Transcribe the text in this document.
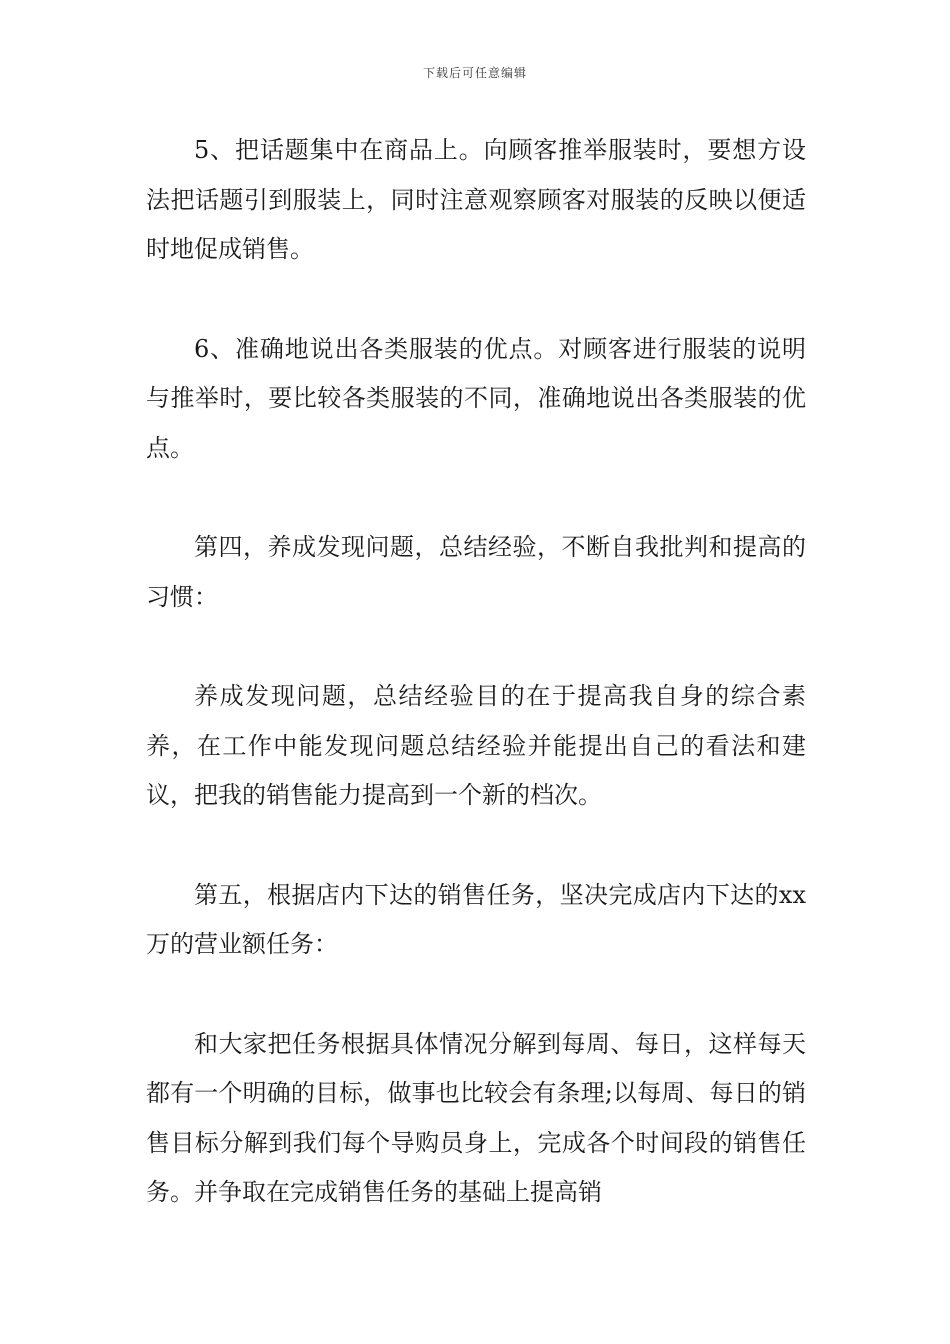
下载后可任意编辑

5、把话题集中在商品上。向顾客推举服装时，要想方设法把话题引到服装上，同时注意观察顾客对服装的反映以便适时地促成销售。

6、准确地说出各类服装的优点。对顾客进行服装的说明与推举时，要比较各类服装的不同，准确地说出各类服装的优点。

第四，养成发现问题，总结经验，不断自我批判和提高的习惯：

养成发现问题，总结经验目的在于提高我自身的综合素养，在工作中能发现问题总结经验并能提出自己的看法和建议，把我的销售能力提高到一个新的档次。

第五，根据店内下达的销售任务，坚决完成店内下达的xx万的营业额任务：

和大家把任务根据具体情况分解到每周、每日，这样每天都有一个明确的目标，做事也比较会有条理;以每周、每日的销售目标分解到我们每个导购员身上，完成各个时间段的销售任务。并争取在完成销售任务的基础上提高销
